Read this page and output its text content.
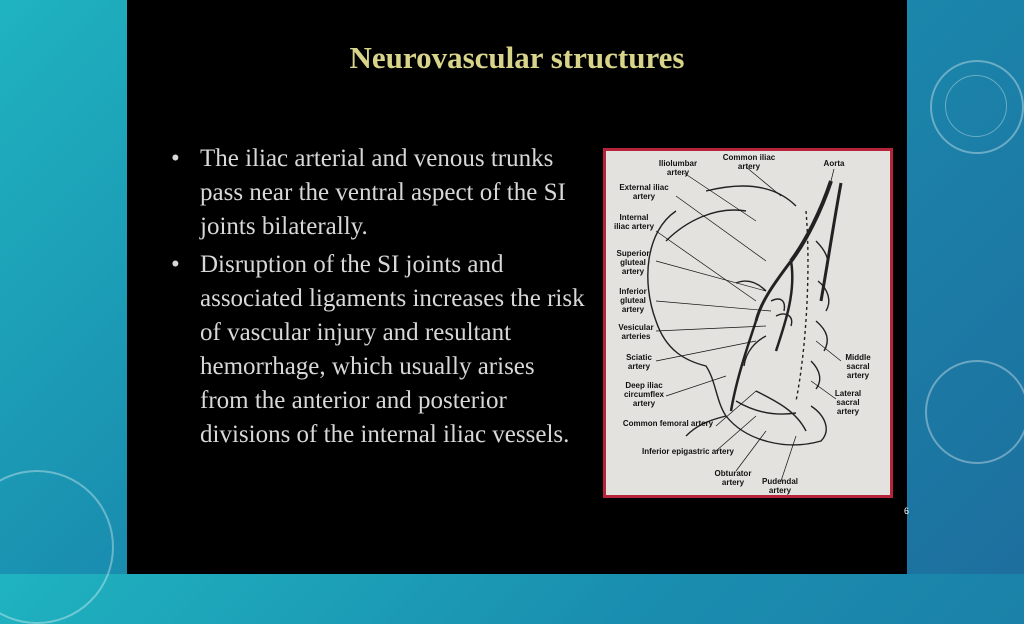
Neurovascular structures
• The iliac arterial and venous trunks pass near the ventral aspect of the SI joints bilaterally.
• Disruption of the SI joints and associated ligaments increases the risk of vascular injury and resultant hemorrhage, which usually arises from the anterior and posterior divisions of the internal iliac vessels.
Iliolumbar artery
Common iliac artery	Aorta
External iliac artery
Internal iliac artery
Superior gluteal artery
Inferior gluteal artery
Vesicular arteries
Sciatic artery
Middle sacral artery
Deep iliac circumflex artery
Lateral sacral artery
Common femoral artery
Inferior epigastric artery
Obturator artery	Pudendal artery
6
